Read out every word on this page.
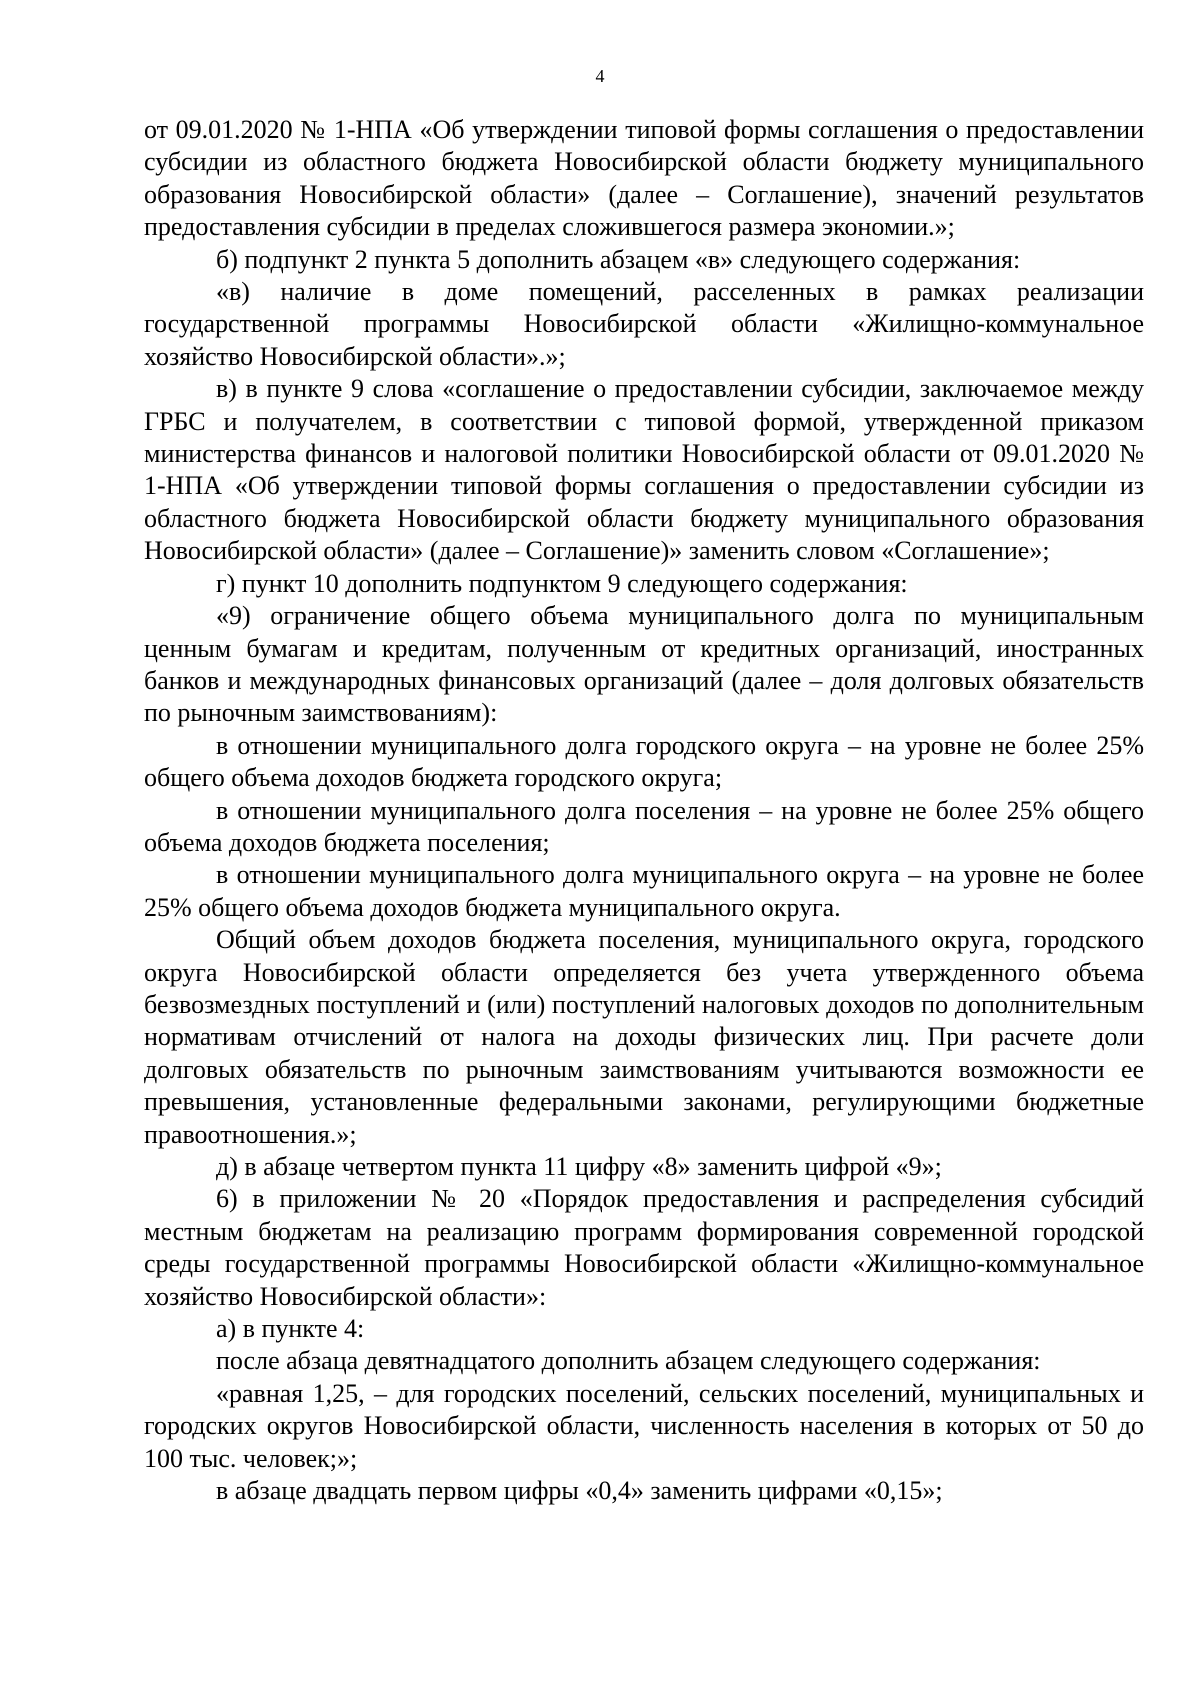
4

от 09.01.2020 № 1-НПА «Об утверждении типовой формы соглашения о предоставлении субсидии из областного бюджета Новосибирской области бюджету муниципального образования Новосибирской области» (далее – Соглашение), значений результатов предоставления субсидии в пределах сложившегося размера экономии.»;

б) подпункт 2 пункта 5 дополнить абзацем «в» следующего содержания:

«в) наличие в доме помещений, расселенных в рамках реализации государственной программы Новосибирской области «Жилищно-коммунальное хозяйство Новосибирской области».»;

в) в пункте 9 слова «соглашение о предоставлении субсидии, заключаемое между ГРБС и получателем, в соответствии с типовой формой, утвержденной приказом министерства финансов и налоговой политики Новосибирской области от 09.01.2020 № 1-НПА «Об утверждении типовой формы соглашения о предоставлении субсидии из областного бюджета Новосибирской области бюджету муниципального образования Новосибирской области» (далее – Соглашение)» заменить словом «Соглашение»;

г) пункт 10 дополнить подпунктом 9 следующего содержания:

«9) ограничение общего объема муниципального долга по муниципальным ценным бумагам и кредитам, полученным от кредитных организаций, иностранных банков и международных финансовых организаций (далее – доля долговых обязательств по рыночным заимствованиям):

в отношении муниципального долга городского округа – на уровне не более 25% общего объема доходов бюджета городского округа;

в отношении муниципального долга поселения – на уровне не более 25% общего объема доходов бюджета поселения;

в отношении муниципального долга муниципального округа – на уровне не более 25% общего объема доходов бюджета муниципального округа.

Общий объем доходов бюджета поселения, муниципального округа, городского округа Новосибирской области определяется без учета утвержденного объема безвозмездных поступлений и (или) поступлений налоговых доходов по дополнительным нормативам отчислений от налога на доходы физических лиц. При расчете доли долговых обязательств по рыночным заимствованиям учитываются возможности ее превышения, установленные федеральными законами, регулирующими бюджетные правоотношения.»;

д) в абзаце четвертом пункта 11 цифру «8» заменить цифрой «9»;

6) в приложении № 20 «Порядок предоставления и распределения субсидий местным бюджетам на реализацию программ формирования современной городской среды государственной программы Новосибирской области «Жилищно-коммунальное хозяйство Новосибирской области»:

а) в пункте 4:

после абзаца девятнадцатого дополнить абзацем следующего содержания:

«равная 1,25, – для городских поселений, сельских поселений, муниципальных и городских округов Новосибирской области, численность населения в которых от 50 до 100 тыс. человек;»;

в абзаце двадцать первом цифры «0,4» заменить цифрами «0,15»;
